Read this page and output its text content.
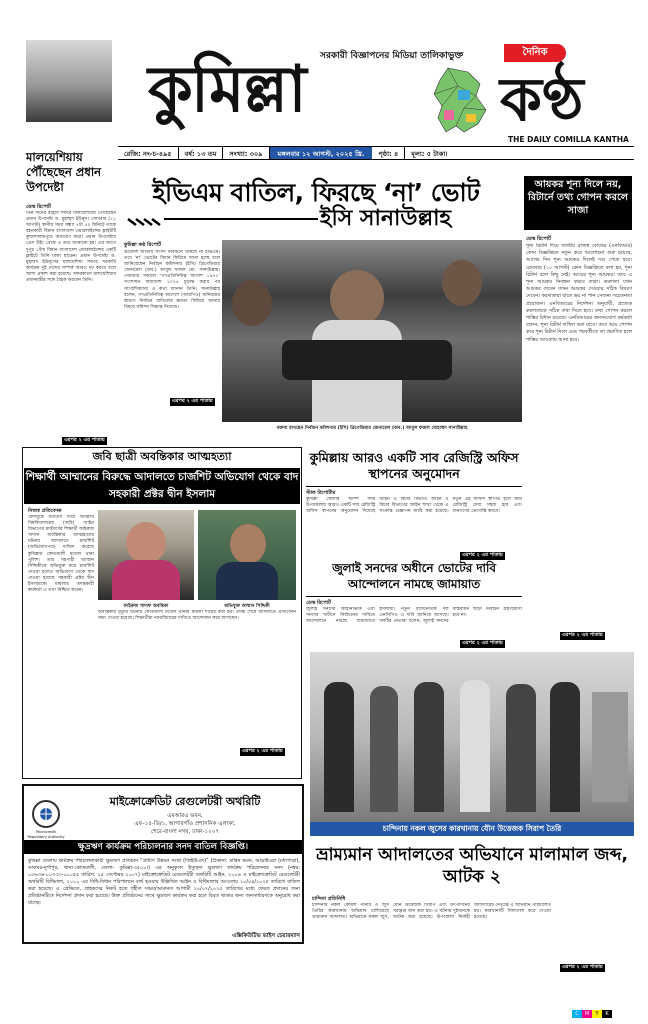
সরকারী বিজ্ঞাপনের মিডিয়া তালিকাভুক্ত	দৈনিক
কুমিল্লা	কণ্ঠ
THE DAILY COMILLA KANTHA
রেজি: নং-চ-৪৯৫	বর্ষ: ১৩ তম	সংখ্যা: ৩০৯	মঙ্গলবার ১২ আগস্ট, ২০২৫ খ্রি.	পৃষ্ঠা: ৪	মূল্য: ৫ টাকা।
মালয়েশিয়ায় পৌঁছেছেন প্রধান উপদেষ্টা
ডেস্ক রিপোর্ট
তিন দিনের রাষ্ট্রীয় সফরে মালয়েশিয়ায় পৌঁছেছেন প্রধান উপদেষ্টা ড. মুহাম্মদ ইউনূস। সোমবার (১১ আগস্ট) স্থানীয় সময় সন্ধ্যা ৭টা ৫০ মিনিটে তাকে বহনকারী বিমান বাংলাদেশ এয়ারলাইন্সের ফ্লাইটটি কুয়ালালামপুরে অবতরণ করে। প্রধান উপদেষ্টার প্রেস উইং থেকে এ তথ্য জানানো হয়। এর আগে দুপুর ১টায় বিমান বাংলাদেশ এয়ারলাইন্সের একটি ফ্লাইটে তিনি ঢাকা ছাড়েন। প্রধান উপদেষ্টা ড. মুহাম্মদ ইউনূসের মালয়েশিয়া সফরে সরকারি কার্যক্রম দুই দেশের সম্পর্ক আরও দৃঢ় করবে বলে আশা প্রকাশ করা হয়েছে। সফরকালে মালয়েশিয়ার প্রধানমন্ত্রীর সঙ্গে বৈঠক করবেন তিনি।
এরপর ২ এর পাতায়
ইভিএম বাতিল, ফিরছে ‘না’ ভোট
ইসি সানাউল্লাহ
কুমিল্লা কণ্ঠ রিপোর্ট
ত্রয়োদশ জাতীয় সংসদ নির্বাচনে থাকছে না ইভিএম। তবে ‘না’ ভোটের বিধান ফিরিয়ে আনা হচ্ছে বলে জানিয়েছেন নির্বাচন কমিশনার (ইসি) ব্রিগেডিয়ার জেনারেল (অব.) আবুল ফজল মো. সানাউল্লাহ। সোমবার সকালে ‘গণপ্রতিনিধিত্ব আদেশ ১৯৭২’ সংশোধন অধ্যাদেশ ২০২৫ চূড়ান্ত করার পর সাংবাদিকদের এ কথা জানান তিনি। সানাউল্লাহ বলেন, গণপ্রতিনিধিত্ব আদেশে (আরপিও) অনিয়মের কারণে নির্বাচন বাতিলের ক্ষমতা ফিরিয়ে আনার বিষয়ে কমিশন সিদ্ধান্ত নিয়েছে।
এরপর ২ এর পাতায়
বক্তব্য রাখছেন নির্বাচন কমিশনার (ইসি) ব্রিগেডিয়ার জেনারেল (অব.) আবুল ফজল মোহাম্মদ সানাউল্লাহ
আয়কর শূন্য দিলে নয়, রিটার্নে তথ্য গোপন করলে সাজা
ডেস্ক রিপোর্ট
শূন্য রিটার্ন দিয়ে জাতীয় রাজস্ব বোর্ডের (এনবিআর) কোন বিজ্ঞপ্তিতে নতুন করে আলোচনা শুরু হয়েছে, আগের দিন শূন্য আয়কর দিলেই দণ্ড পেতে হবে। রোববার (১০ আগস্ট) কোন বিজ্ঞপ্তিতে বলা হয়, শূন্য রিটার্ন বলে কিছু নেই। আয়ের শূন্য আয়কর। তবে এ শূন্য আয়কর নিবন্ধন করবে তারা। করদাতা যখন আয়কর দেবেন তখন আয়কর দেওয়ার সঠিক বিবরণ দেবেন। করদাতারা যাতে ভয় না পান সেজন্য সচেতনতা প্রয়োজন। এনবিআরের নির্দেশনা অনুযায়ী, প্রত্যেক করদাতাকে সঠিক তথ্য দিতে হবে। তথ্য গোপন করলে শাস্তির বিধান রয়েছে। এনবিআরের জনসংযোগ কর্মকর্তা বলেন, শূন্য রিটার্ন দাখিল করা যাবে। তবে আয় গোপন করে শূন্য রিটার্ন দিলে এবং পরবর্তীতে তা প্রমাণিত হলে শাস্তির আওতায় আনা হবে।
এরপর ২ এর পাতায়
জবি ছাত্রী অবন্তিকার আত্মহত্যা
শিক্ষার্থী আম্মানের বিরুদ্ধে আদালতে চার্জশিট অভিযোগ থেকে বাদ সহকারী প্রক্টর দ্বীন ইসলাম
নিজস্ব প্রতিবেদক
ফেসবুকে স্ট্যাটাস দিয়ে জগন্নাথ বিশ্ববিদ্যালয়ের (জবি) আইন বিভাগের মাস্টার্সের শিক্ষার্থী ফাইরুজ সাদাফ অবন্তিকার আত্মহত্যার ঘটনায় আদালতে চার্জশিট (অভিযোগপত্র) দাখিল করেছে কুমিল্লার কোতয়ালী মডেল থানা পুলিশ। তার সহপাঠী আম্মান সিদ্দিকীকে অভিযুক্ত করে চার্জশিট দেওয়া হলেও অভিযোগ থেকে বাদ দেওয়া হয়েছে সহকারী প্রক্টর দ্বীন ইসলামকে। মামলার তদন্তকারী কর্মকর্তা এ তথ্য নিশ্চিত করেন।
ফাইরুজ সাদাফ অবন্তিকা	অভিযুক্ত আম্মান সিদ্দিকী
অবন্তিকার মৃত্যুর ঘটনায় কোতয়ালী মডেল থানায় মামলা দায়ের করা হয়। তদন্ত শেষে আদালতে প্রতিবেদন জমা দেওয়া হয়েছে। শিক্ষার্থীরা ন্যায়বিচারের দাবিতে আন্দোলন করে আসছেন।
এরপর ২ এর পাতায়
কুমিল্লায় আরও একটি সাব রেজিস্ট্রি অফিস স্থাপনের অনুমোদন
স্টাফ রিপোর্টার
কুমিল্লা জেলার আদর্শ সদর উপজেলায় আরও একটি সাব রেজিস্ট্রি অফিস স্থাপনের অনুমোদন দিয়েছে আইন ও বিচার বিভাগ। আইন ও বিচার বিভাগের আইন শাখা থেকে এ সংক্রান্ত প্রজ্ঞাপন জারি করা হয়েছে। নতুন এই অফিস স্থাপিত হলে জমি রেজিস্ট্রি সেবা সহজ হবে এবং জনগণের ভোগান্তি কমবে।
এরপর ২ এর পাতায়
জুলাই সনদের অধীনে ভোটের দাবি আন্দোলনে নামছে জামায়াত
ডেস্ক রিপোর্ট
জুলাই সনদের আইনিভিত্তি এবং সনদের অধীনে নির্বাচনের দাবিতে আন্দোলনে নামছে জামায়াতে ইসলামী। নতুন রাজনৈতিক দল এনসিপিও এ দাবি জানিয়ে আসছে। দলটির নেতারা বলেন, জুলাই সনদের বাস্তবায়ন ছাড়া নির্বাচন গ্রহণযোগ্য হবে না।
এরপর ২ এর পাতায়
চান্দিনায় নকল জুসের কারখানায় যৌন উত্তেজক সিরাপ তৈরি
Microcredit Regulatory Authority
মাইক্রোক্রেডিট রেগুলেটরী অথরিটি
এমআরএ ভবন,
এফ-১৫-ডি/১, আগারগাঁও প্রশাসনিক এলাকা,
শেরে-বাংলা নগর, ঢাকা-১২০৭
ক্ষুদ্রঋণ কার্যক্রম পরিচালনার সনদ বাতিল বিজ্ঞপ্তি।
কুমিল্লা জেলায় কার্যক্রম পরিচালনাকারী ক্ষুদ্রঋণ প্রতিষ্ঠান “গ্রামীণ উন্নয়ন সংস্থা (জিইউএস)” (ঠিকানা: মাহিন ভবন, আড়াইওরা (মধ্যপাড়া), ডাকঘর-দুর্গাপুর, থানা-কোতয়ালী, জেলা- কুমিল্লা-৩৫০০।) এর অনুকূলে ইস্যুকৃত ক্ষুদ্রঋণ কার্যক্রম পরিচালনার সনদ (নম্বর: ০৩৬৩৬-০০৩৩৩-০০০৫৫ তারিখ: ১৫ সেপ্টেম্বর ২০০৭) মাইক্রোক্রেডিট রেগুলেটরী অথরিটি আইন, ২০০৬ ও মাইক্রোক্রেডিট রেগুলেটরী অথরিটি বিধিমালা, ২০১০ এর বিধি-বিধান পরিপালনে ব্যর্থ হওয়ায় উল্লিখিত আইন ও বিধিমালার আওতায় ১০/০৪/২০২৫ তারিখে বাতিল করা হয়েছে। এ প্রেক্ষিতে, গ্রাহকদের নিকট হতে গৃহীত সঞ্চয়/আমানত আগামী ২০/০৭/২০২৫ তারিখের মধ্যে ফেরত প্রদানের জন্য প্রতিষ্ঠানটিকে নির্দেশনা প্রদান করা হয়েছে। উক্ত প্রতিষ্ঠানের সাথে ক্ষুদ্রঋণ কার্যক্রম করা হতে বিরত থাকার জন্য জনসাধারণকে অনুরোধ করা যাচ্ছে।
এক্সিকিউটিভ ভাইস চেয়ারম্যান
ভ্রাম্যমান আদালতের অভিযানে মালামাল জব্দ, আটক ২
চান্দিনা প্রতিনিধি
চান্দিনায় নকল কোমল পানীয় ও জুস তৈরির কারখানায় অভিযান চালিয়েছে ভ্রাম্যমান আদালত। অভিযানে নকল জুস, যৌন উত্তেজক সিরাপ এবং উৎপাদনের সরঞ্জাম জব্দ করা হয়। এ ঘটনায় দুইজনকে আটক করা হয়েছে। উপজেলা নির্বাহী অফিসারের নেতৃত্বে এ অভিযান পরিচালিত হয়। কারখানাটি সিলগালা করে দেওয়া হয়েছে।
এরপর ২ এর পাতায়
C	M	Y	K
